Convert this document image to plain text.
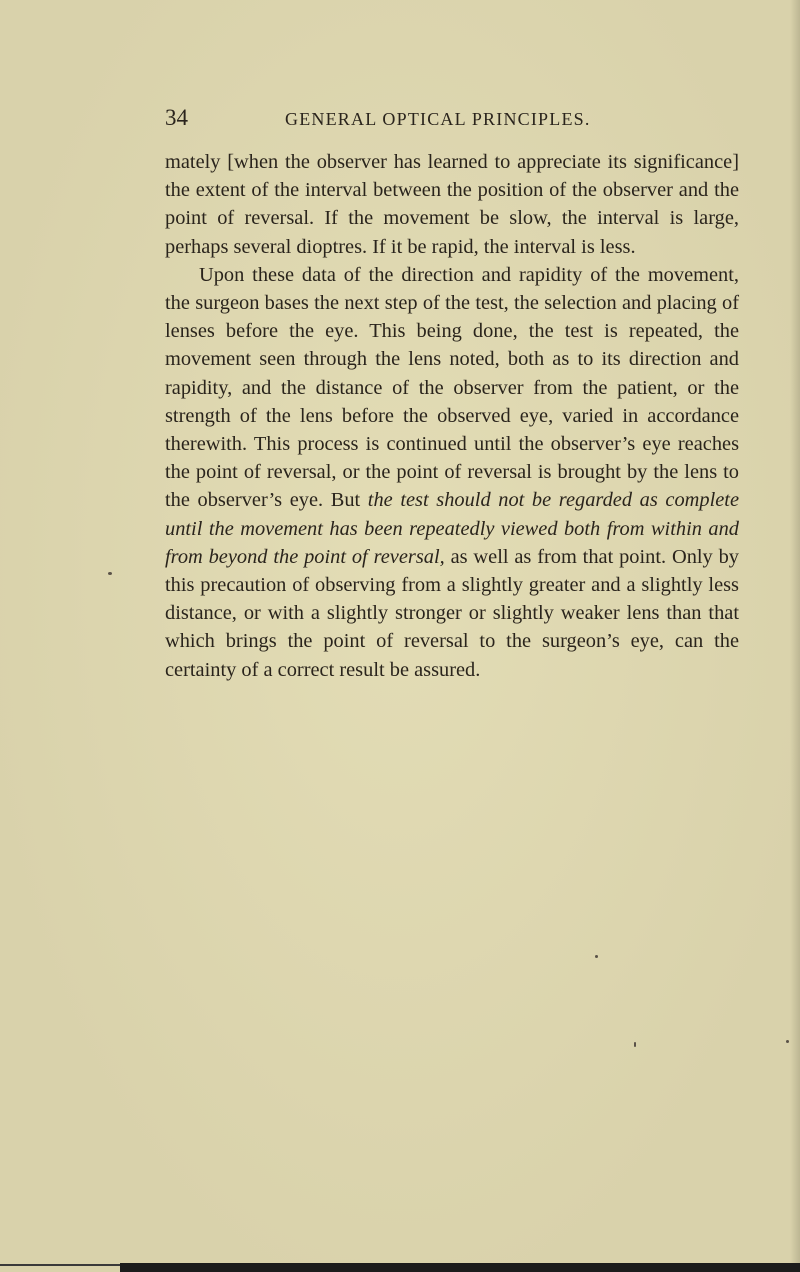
34	GENERAL OPTICAL PRINCIPLES.

mately [when the observer has learned to appreciate its significance] the extent of the interval between the position of the observer and the point of reversal. If the movement be slow, the interval is large, perhaps several dioptres. If it be rapid, the interval is less.

Upon these data of the direction and rapidity of the movement, the surgeon bases the next step of the test, the selection and placing of lenses before the eye. This being done, the test is repeated, the movement seen through the lens noted, both as to its direction and rapidity, and the distance of the observer from the patient, or the strength of the lens before the observed eye, varied in accordance therewith. This process is continued until the observer’s eye reaches the point of reversal, or the point of reversal is brought by the lens to the observer’s eye. But the test should not be regarded as complete until the movement has been repeatedly viewed both from within and from beyond the point of reversal, as well as from that point. Only by this precaution of observing from a slightly greater and a slightly less distance, or with a slightly stronger or slightly weaker lens than that which brings the point of reversal to the surgeon’s eye, can the certainty of a correct result be assured.
